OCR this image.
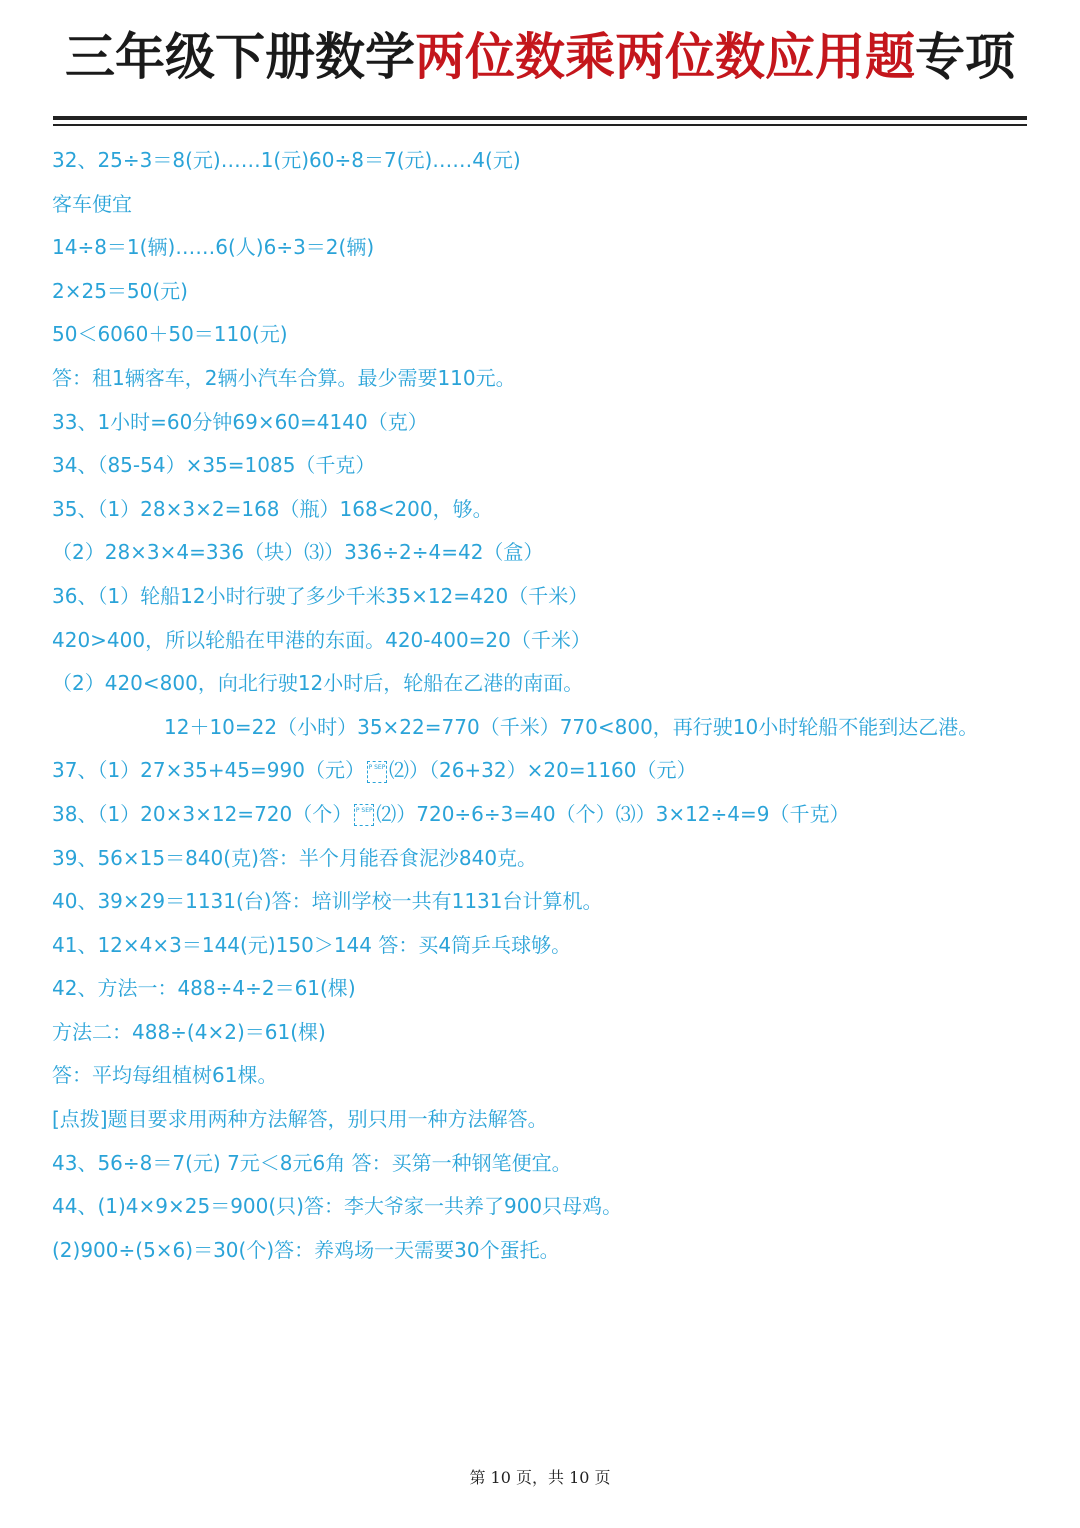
三年级下册数学两位数乘两位数应用题专项
32、25÷3＝8(元)……1(元)60÷8＝7(元)……4(元)
客车便宜
14÷8＝1(辆)……6(人)6÷3＝2(辆)
2×25＝50(元)
50＜6060＋50＝110(元)
答：租1辆客车，2辆小汽车合算。最少需要110元。
33、1小时=60分钟69×60=4140（克）
34、（85-54）×35=1085（千克）
35、（1）28×3×2=168（瓶）168<200，够。
（2）28×3×4=336（块）⑶）336÷2÷4=42（盒）
36、（1）轮船12小时行驶了多少千米35×12=420（千米）
420>400，所以轮船在甲港的东面。420-400=20（千米）
（2）420<800，向北行驶12小时后，轮船在乙港的南面。
12＋10=22（小时）35×22=770（千米）770<800，再行驶10小时轮船不能到达乙港。
37、（1）27×35+45=990（元） P SEP ⑵）（26+32）×20=1160（元）
38、（1）20×3×12=720（个） P SEP ⑵）720÷6÷3=40（个）⑶）3×12÷4=9（千克）
39、56×15＝840(克)答：半个月能吞食泥沙840克。
40、39×29＝1131(台)答：培训学校一共有1131台计算机。
41、12×4×3＝144(元)150＞144 答：买4筒乒乓球够。
42、方法一：488÷4÷2＝61(棵)
方法二：488÷(4×2)＝61(棵)
答：平均每组植树61棵。
[点拨]题目要求用两种方法解答，别只用一种方法解答。
43、56÷8＝7(元) 7元＜8元6角 答：买第一种钢笔便宜。
44、(1)4×9×25＝900(只)答：李大爷家一共养了900只母鸡。
(2)900÷(5×6)＝30(个)答：养鸡场一天需要30个蛋托。
第 10 页，共 10 页
